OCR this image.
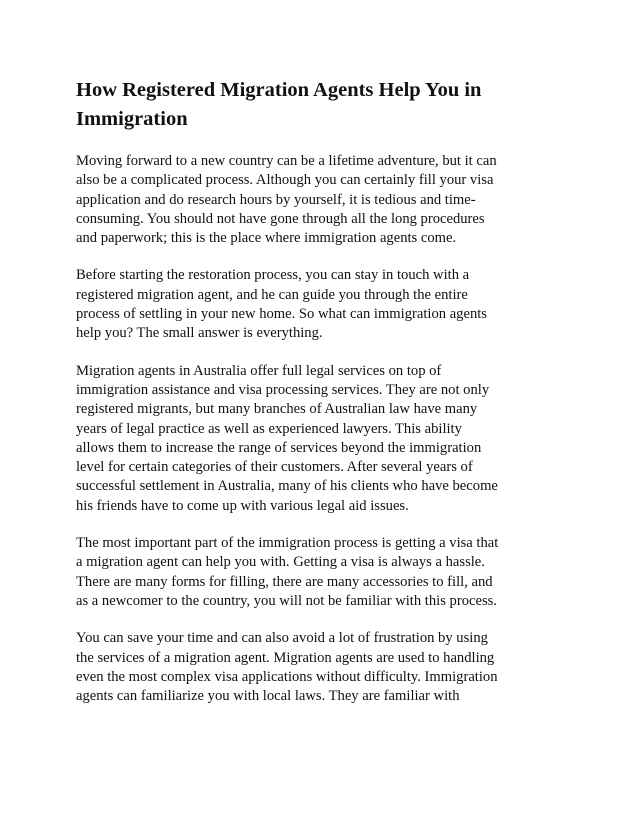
How Registered Migration Agents Help You in
Immigration

Moving forward to a new country can be a lifetime adventure, but it can
also be a complicated process. Although you can certainly fill your visa
application and do research hours by yourself, it is tedious and time-
consuming. You should not have gone through all the long procedures
and paperwork; this is the place where immigration agents come.

Before starting the restoration process, you can stay in touch with a
registered migration agent, and he can guide you through the entire
process of settling in your new home. So what can immigration agents
help you? The small answer is everything.

Migration agents in Australia offer full legal services on top of
immigration assistance and visa processing services. They are not only
registered migrants, but many branches of Australian law have many
years of legal practice as well as experienced lawyers. This ability
allows them to increase the range of services beyond the immigration
level for certain categories of their customers. After several years of
successful settlement in Australia, many of his clients who have become
his friends have to come up with various legal aid issues.

The most important part of the immigration process is getting a visa that
a migration agent can help you with. Getting a visa is always a hassle.
There are many forms for filling, there are many accessories to fill, and
as a newcomer to the country, you will not be familiar with this process.

You can save your time and can also avoid a lot of frustration by using
the services of a migration agent. Migration agents are used to handling
even the most complex visa applications without difficulty. Immigration
agents can familiarize you with local laws. They are familiar with
